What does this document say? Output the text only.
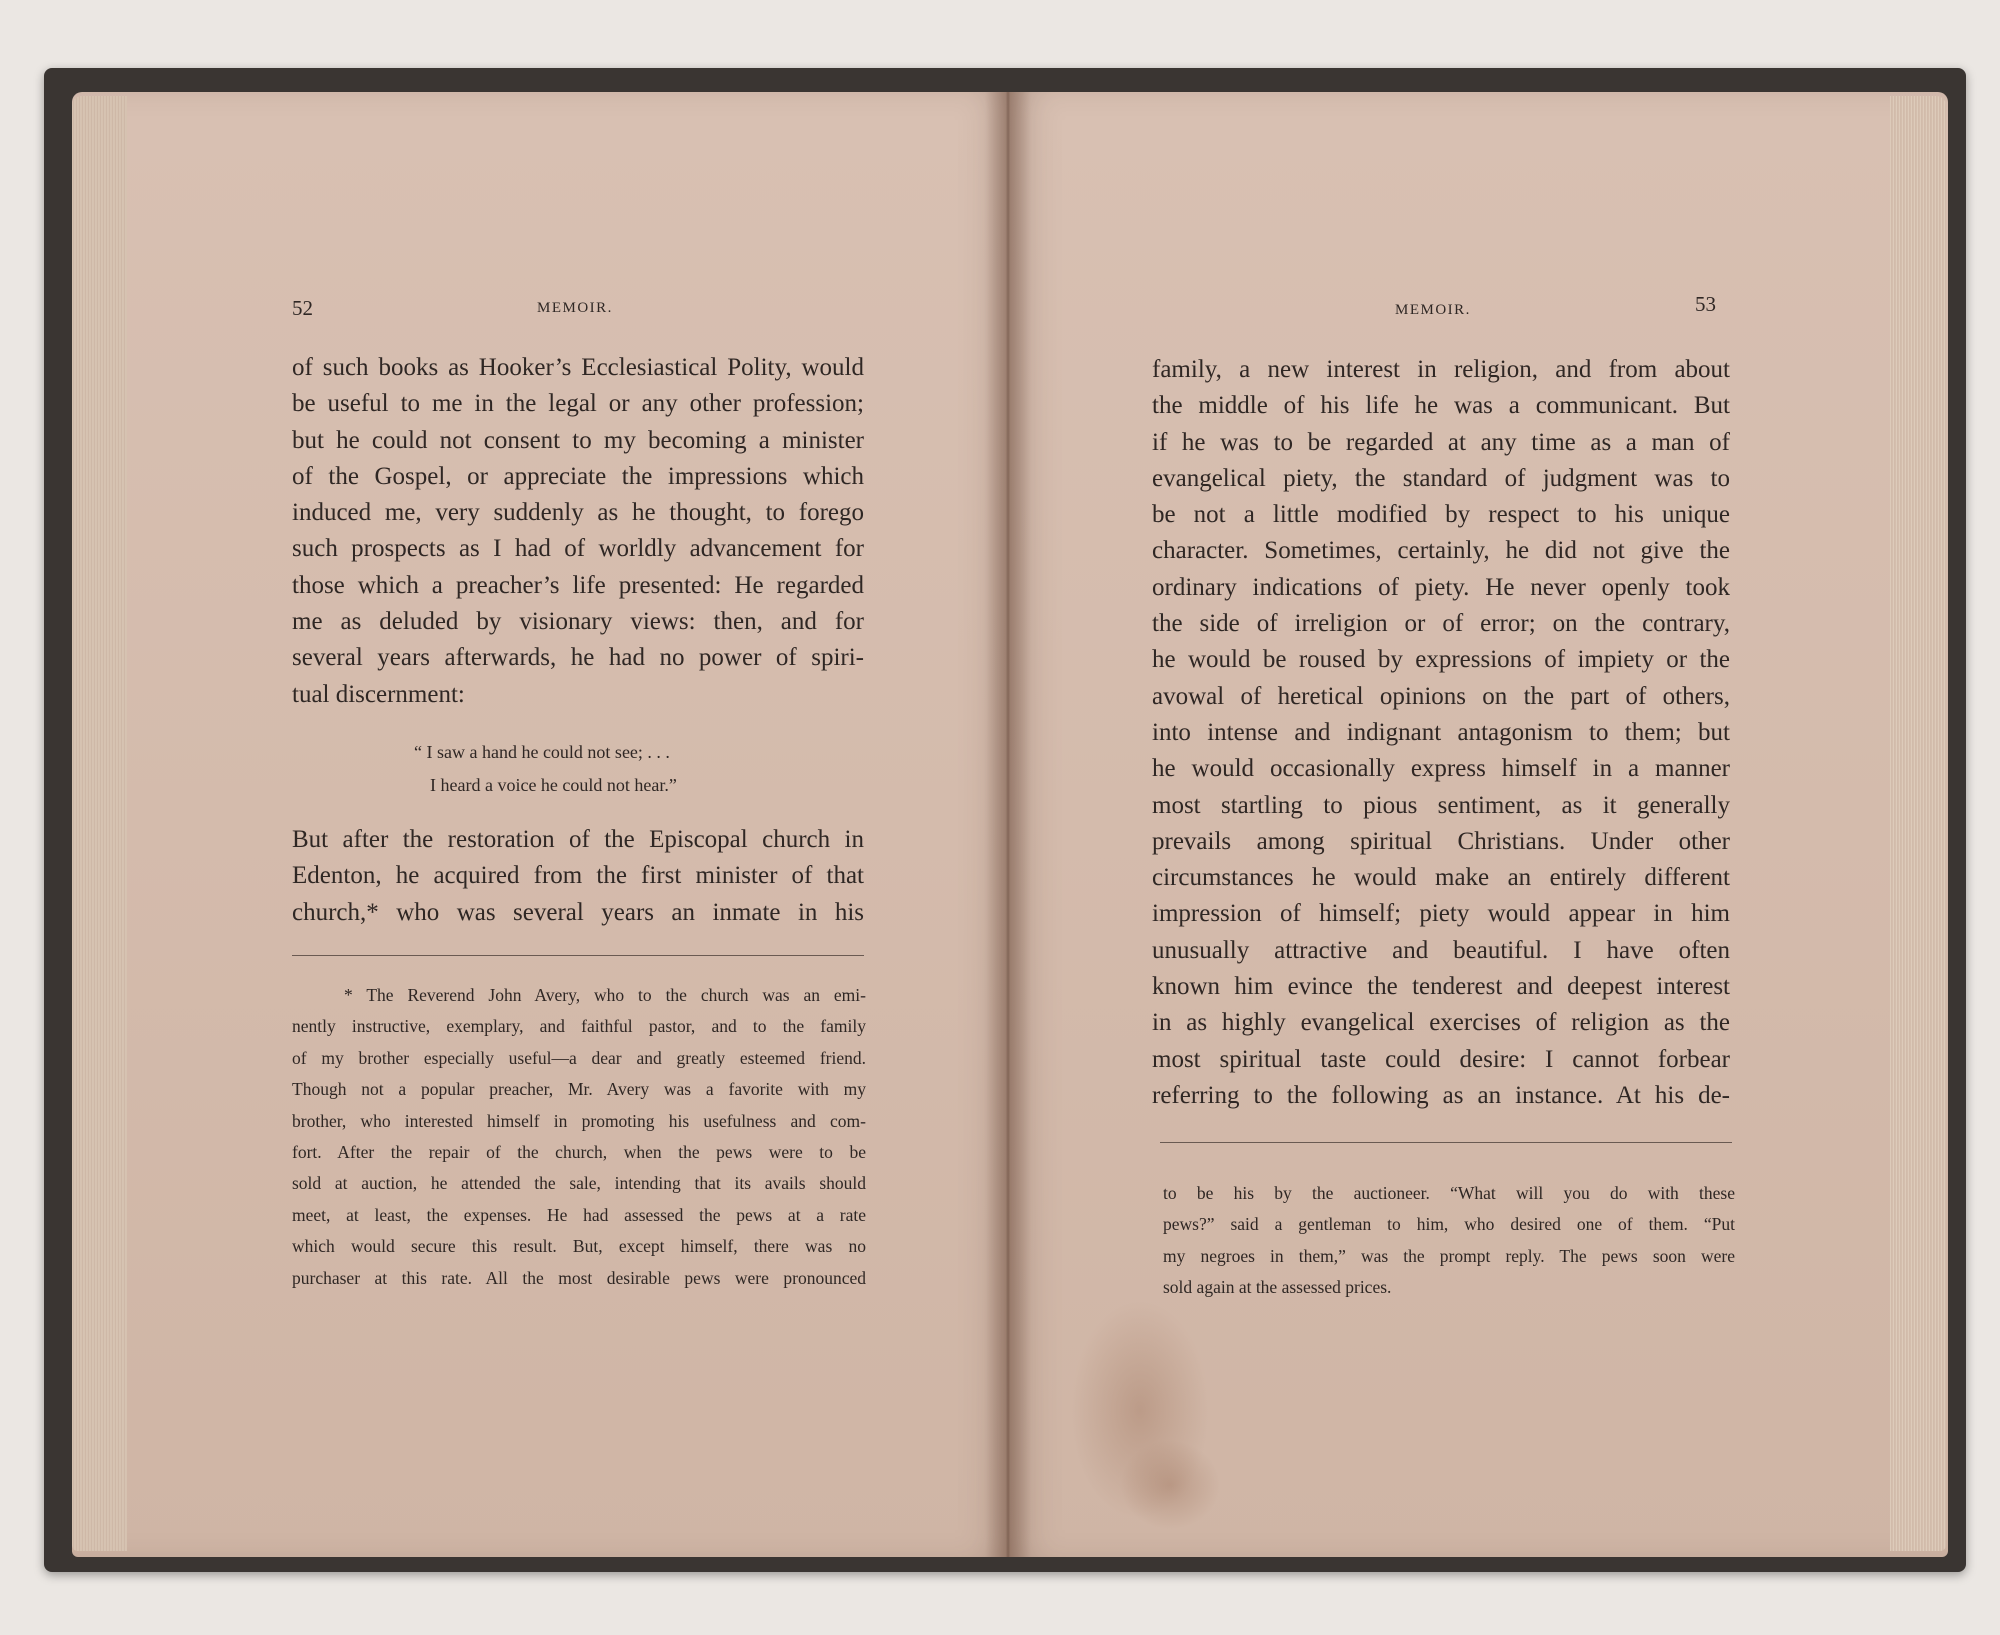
52	MEMOIR.
of such books as Hooker’s Ecclesiastical Polity, would
be useful to me in the legal or any other profession;
but he could not consent to my becoming a minister
of the Gospel, or appreciate the impressions which
induced me, very suddenly as he thought, to forego
such prospects as I had of worldly advancement for
those which a preacher’s life presented: He regarded
me as deluded by visionary views: then, and for
several years afterwards, he had no power of spiri-
tual discernment:
“ I saw a hand he could not see; . . .
I heard a voice he could not hear.”
But after the restoration of the Episcopal church in
Edenton, he acquired from the first minister of that
church,* who was several years an inmate in his
* The Reverend John Avery, who to the church was an emi-
nently instructive, exemplary, and faithful pastor, and to the family
of my brother especially useful—a dear and greatly esteemed friend.
Though not a popular preacher, Mr. Avery was a favorite with my
brother, who interested himself in promoting his usefulness and com-
fort. After the repair of the church, when the pews were to be
sold at auction, he attended the sale, intending that its avails should
meet, at least, the expenses. He had assessed the pews at a rate
which would secure this result. But, except himself, there was no
purchaser at this rate. All the most desirable pews were pronounced
MEMOIR.	53
family, a new interest in religion, and from about
the middle of his life he was a communicant. But
if he was to be regarded at any time as a man of
evangelical piety, the standard of judgment was to
be not a little modified by respect to his unique
character. Sometimes, certainly, he did not give the
ordinary indications of piety. He never openly took
the side of irreligion or of error; on the contrary,
he would be roused by expressions of impiety or the
avowal of heretical opinions on the part of others,
into intense and indignant antagonism to them; but
he would occasionally express himself in a manner
most startling to pious sentiment, as it generally
prevails among spiritual Christians. Under other
circumstances he would make an entirely different
impression of himself; piety would appear in him
unusually attractive and beautiful. I have often
known him evince the tenderest and deepest interest
in as highly evangelical exercises of religion as the
most spiritual taste could desire: I cannot forbear
referring to the following as an instance. At his de-
to be his by the auctioneer. “What will you do with these
pews?” said a gentleman to him, who desired one of them. “Put
my negroes in them,” was the prompt reply. The pews soon were
sold again at the assessed prices.
